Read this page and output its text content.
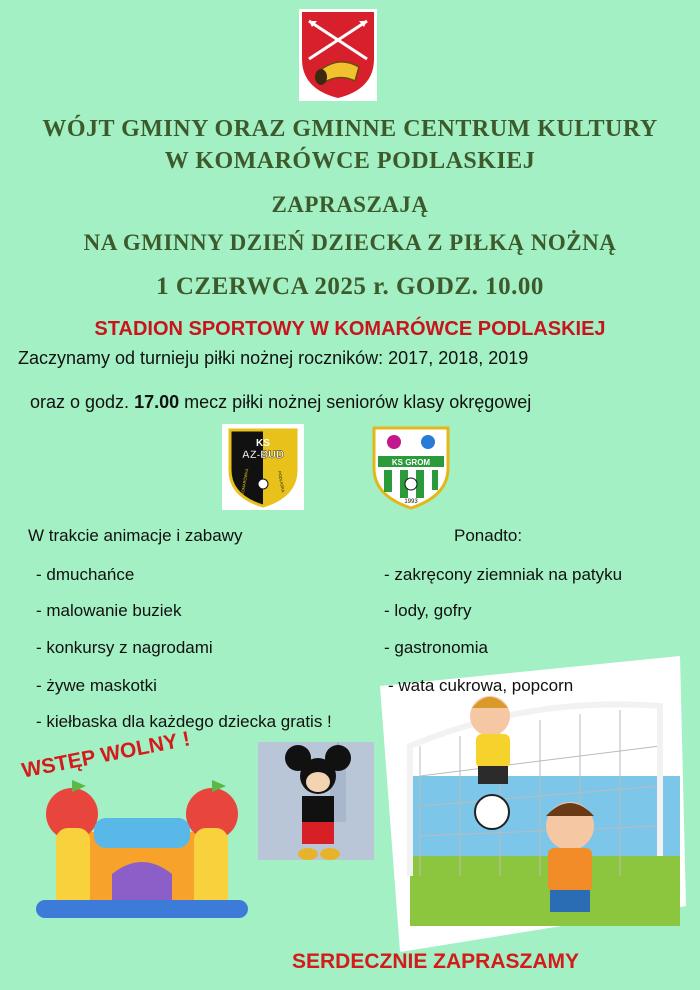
WÓJT GMINY ORAZ GMINNE CENTRUM KULTURY
W KOMARÓWCE PODLASKIEJ
ZAPRASZAJĄ
NA GMINNY DZIEŃ DZIECKA Z PIŁKĄ NOŻNĄ
1 CZERWCA 2025 r. GODZ. 10.00
STADION SPORTOWY W KOMARÓWCE PODLASKIEJ
Zaczynamy od turnieju piłki nożnej roczników: 2017, 2018, 2019
oraz o godz. 17.00 mecz piłki nożnej seniorów klasy okręgowej
KS
AZ-BUD
KOMARÓWKA	PODLASKA
KS GROM
1993
W trakcie animacje i zabawy
- dmuchańce
- malowanie buziek
- konkursy z nagrodami
- żywe maskotki
- kiełbaska dla każdego dziecka gratis !
Ponadto:
- zakręcony ziemniak na patyku
- lody, gofry
- gastronomia
- wata cukrowa, popcorn
WSTĘP WOLNY !
SERDECZNIE ZAPRASZAMY
